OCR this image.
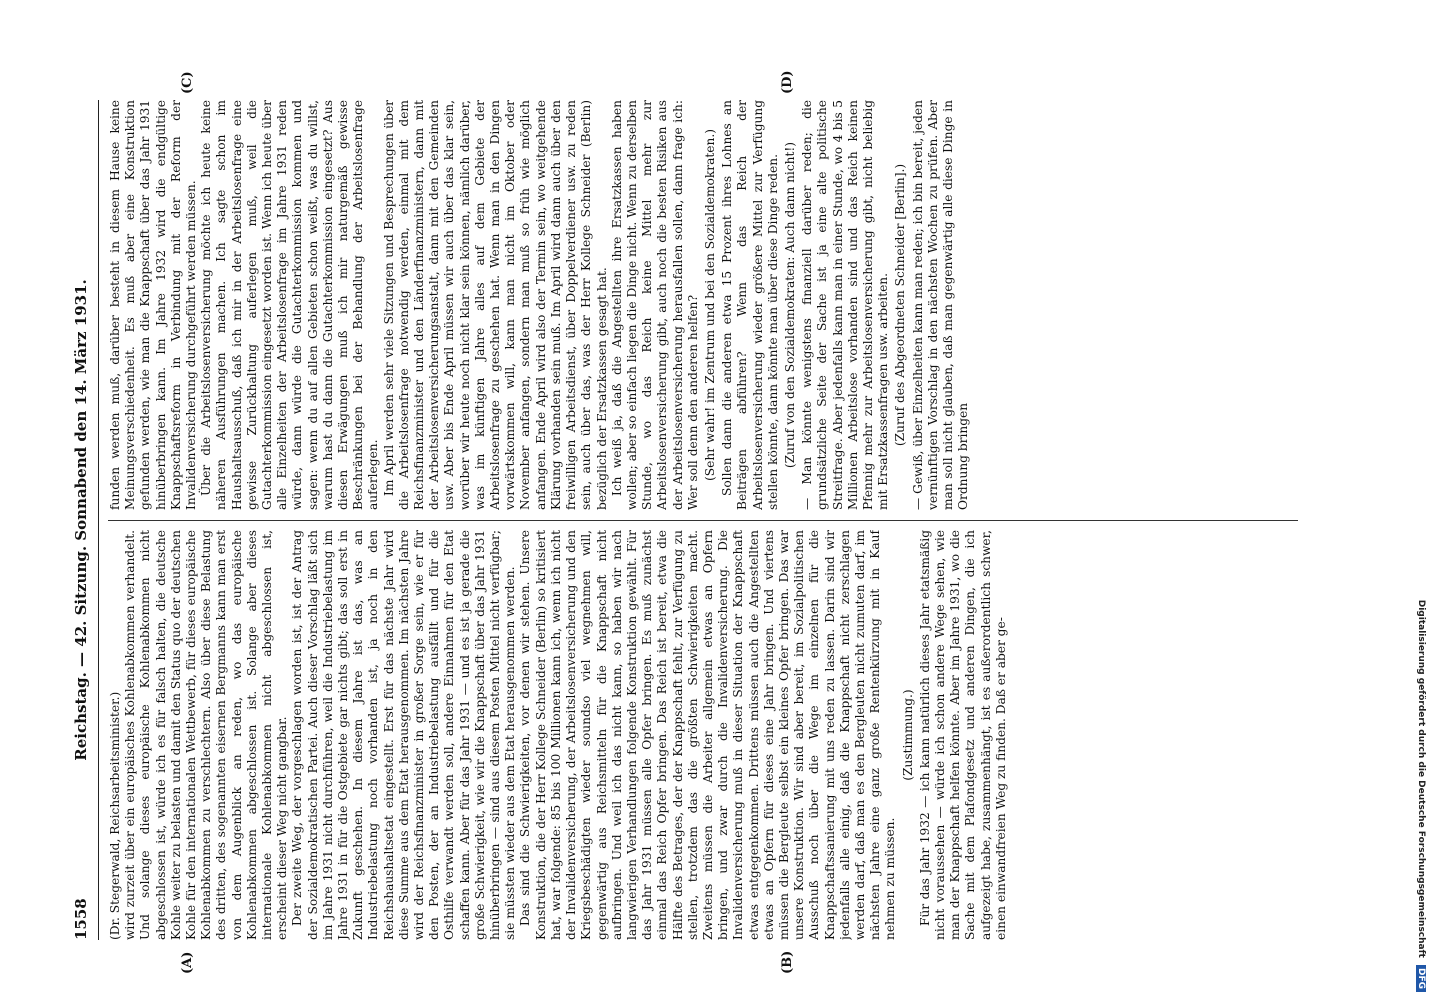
1558
Reichstag. — 42. Sitzung. Sonnabend den 14. März 1931.
(A)	(B)
(C)	(D)

(Dr. Stegerwald, Reichsarbeitsminister.) wird zurzeit über ein europäisches Kohlenabkommen verhandelt. Und solange dieses europäische Kohlenabkommen nicht abgeschlossen ist, würde ich es für falsch halten, die deutsche Kohle weiter zu belasten und damit den Status quo der deutschen Kohle für den internationalen Wettbewerb, für dieses europäische Kohlenabkommen zu verschlechtern. Also über diese Belastung des dritten, des sogenannten eisernen Bergmanns kann man erst von dem Augenblick an reden, wo das europäische Kohlenabkommen abgeschlossen ist. Solange aber dieses internationale Kohlenabkommen nicht abgeschlossen ist, erscheint dieser Weg nicht gangbar. Der zweite Weg, der vorgeschlagen worden ist, ist der Antrag der Sozialdemokratischen Partei. Auch dieser Vorschlag läßt sich im Jahre 1931 nicht durchführen, weil die Industriebelastung im Jahre 1931 in für die Ostgebiete gar nichts gibt; das soll erst in Zukunft geschehen. In diesem Jahre ist das, was an Industriebelastung noch vorhanden ist, ja noch in den Reichshaushaltsetat eingestellt. Erst für das nächste Jahr wird diese Summe aus dem Etat herausgenommen. Im nächsten Jahre wird der Reichsfinanzminister in großer Sorge sein, wie er für den Posten, der an Industriebelastung ausfällt und für die Osthilfe verwandt werden soll, andere Einnahmen für den Etat schaffen kann. Aber für das Jahr 1931 — und es ist ja gerade die große Schwierigkeit, wie wir die Knappschaft über das Jahr 1931 hinüberbringen — sind aus diesem Posten Mittel nicht verfügbar; sie müssten wieder aus dem Etat herausgenommen werden. Das sind die Schwierigkeiten, vor denen wir stehen. Unsere Konstruktion, die der Herr Kollege Schneider (Berlin) so kritisiert hat, war folgende: 85 bis 100 Millionen kann ich, wenn ich nicht der Invalidenversicherung, der Arbeitslosenversicherung und den Kriegsbeschädigten wieder soundso viel wegnehmen will, gegenwärtig aus Reichsmitteln für die Knappschaft nicht aufbringen. Und weil ich das nicht kann, so haben wir nach langwierigen Verhandlungen folgende Konstruktion gewählt. Für das Jahr 1931 müssen alle Opfer bringen. Es muß zunächst einmal das Reich Opfer bringen. Das Reich ist bereit, etwa die Hälfte des Betrages, der der Knappschaft fehlt, zur Verfügung zu stellen, trotzdem das die größten Schwierigkeiten macht. Zweitens müssen die Arbeiter allgemein etwas an Opfern bringen, und zwar durch die Invalidenversicherung. Die Invalidenversicherung muß in dieser Situation der Knappschaft etwas entgegenkommen. Drittens müssen auch die Angestellten etwas an Opfern für dieses eine Jahr bringen. Und viertens müssen die Bergleute selbst ein kleines Opfer bringen. Das war unsere Konstruktion. Wir sind aber bereit, im Sozialpolitischen Ausschuß noch über die Wege im einzelnen für die Knappschaftssanierung mit uns reden zu lassen. Darin sind wir jedenfalls alle einig, daß die Knappschaft nicht zerschlagen werden darf, daß man es den Bergleuten nicht zumuten darf, im nächsten Jahre eine ganz große Rentenkürzung mit in Kauf nehmen zu müssen.

(Zustimmung.) Für das Jahr 1932 — ich kann natürlich dieses Jahr etatsmäßig nicht voraussehen — würde ich schon andere Wege sehen, wie man der Knappschaft helfen könnte. Aber im Jahre 1931, wo die Sache mit dem Plafondgesetz und anderen Dingen, die ich aufgezeigt habe, zusammenhängt, ist es außerordentlich schwer, einen einwandfreien Weg zu finden. Daß er aber ge-

funden werden muß, darüber besteht in diesem Hause keine Meinungsverschiedenheit. Es muß aber eine Konstruktion gefunden werden, wie man die Knappschaft über das Jahr 1931 hinüberbringen kann. Im Jahre 1932 wird die endgültige Knappschaftsreform in Verbindung mit der Reform der Invalidenversicherung durchgeführt werden müssen. Über die Arbeitslosenversicherung möchte ich heute keine näheren Ausführungen machen. Ich sagte schon im Haushaltsausschuß, daß ich mir in der Arbeitslosenfrage eine gewisse Zurückhaltung auferlegen muß, weil die Gutachterkommission eingesetzt worden ist. Wenn ich heute über alle Einzelheiten der Arbeitslosenfrage im Jahre 1931 reden würde, dann würde die Gutachterkommission kommen und sagen: wenn du auf allen Gebieten schon weißt, was du willst, warum hast du dann die Gutachterkommission eingesetzt? Aus diesen Erwägungen muß ich mir naturgemäß gewisse Beschränkungen bei der Behandlung der Arbeitslosenfrage auferlegen. Im April werden sehr viele Sitzungen und Besprechungen über die Arbeitslosenfrage notwendig werden, einmal mit dem Reichsfinanzminister und den Länderfinanzministern, dann mit der Arbeitslosenversicherungsanstalt, dann mit den Gemeinden usw. Aber bis Ende April müssen wir auch über das klar sein, worüber wir heute noch nicht klar sein können, nämlich darüber, was im künftigen Jahre alles auf dem Gebiete der Arbeitslosenfrage zu geschehen hat. Wenn man in den Dingen vorwärtskommen will, kann man nicht im Oktober oder November anfangen, sondern man muß so früh wie möglich anfangen. Ende April wird also der Termin sein, wo weitgehende Klärung vorhanden sein muß. Im April wird dann auch über den freiwilligen Arbeitsdienst, über Doppelverdiener usw. zu reden sein, auch über das, was der Herr Kollege Schneider (Berlin) bezüglich der Ersatzkassen gesagt hat. Ich weiß ja, daß die Angestellten ihre Ersatzkassen haben wollen; aber so einfach liegen die Dinge nicht. Wenn zu derselben Stunde, wo das Reich keine Mittel mehr zur Arbeitslosenversicherung gibt, auch noch die besten Risiken aus der Arbeitslosenversicherung herausfallen sollen, dann frage ich: Wer soll denn den anderen helfen? (Sehr wahr! im Zentrum und bei den Sozialdemokraten.) Sollen dann die anderen etwa 15 Prozent ihres Lohnes an Beiträgen abführen? Wenn das Reich der Arbeitslosenversicherung wieder größere Mittel zur Verfügung stellen könnte, dann könnte man über diese Dinge reden. (Zuruf von den Sozialdemokraten: Auch dann nicht!) — Man könnte wenigstens finanziell darüber reden; die grundsätzliche Seite der Sache ist ja eine alte politische Streitfrage. Aber jedenfalls kann man in einer Stunde, wo 4 bis 5 Millionen Arbeitslose vorhanden sind und das Reich keinen Pfennig mehr zur Arbeitslosenversicherung gibt, nicht beliebig mit Ersatzkassenfragen usw. arbeiten. (Zuruf des Abgeordneten Schneider [Berlin].) — Gewiß, über Einzelheiten kann man reden; ich bin bereit, jeden vernünftigen Vorschlag in den nächsten Wochen zu prüfen. Aber man soll nicht glauben, daß man gegenwärtig alle diese Dinge in Ordnung bringen

Digitalisierung gefördert durch die Deutsche Forschungsgemeinschaft DFG
